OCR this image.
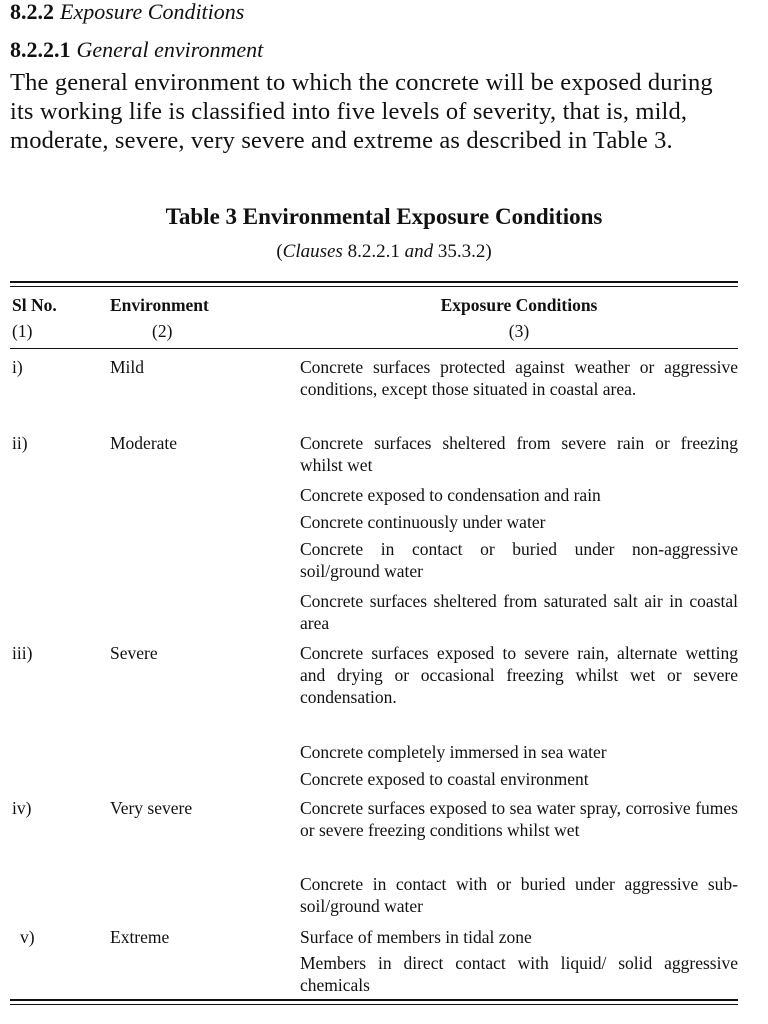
8.2.2 Exposure Conditions
8.2.2.1 General environment
The general environment to which the concrete will be exposed during its working life is classified into five levels of severity, that is, mild, moderate, severe, very severe and extreme as described in Table 3.
Table 3 Environmental Exposure Conditions
(Clauses 8.2.2.1 and 35.3.2)
Sl No.	Environment	Exposure Conditions
(1)	(2)	(3)
i)	Mild	Concrete surfaces protected against weather or aggressive conditions, except those situated in coastal area.
ii)	Moderate	Concrete surfaces sheltered from severe rain or freezing whilst wet
Concrete exposed to condensation and rain
Concrete continuously under water
Concrete in contact or buried under non-aggressive soil/ground water
Concrete surfaces sheltered from saturated salt air in coastal area
iii)	Severe	Concrete surfaces exposed to severe rain, alternate wetting and drying or occasional freezing whilst wet or severe condensation.
Concrete completely immersed in sea water
Concrete exposed to coastal environment
iv)	Very severe	Concrete surfaces exposed to sea water spray, corrosive fumes or severe freezing conditions whilst wet
Concrete in contact with or buried under aggressive sub-soil/ground water
v)	Extreme	Surface of members in tidal zone
Members in direct contact with liquid/ solid aggressive chemicals
